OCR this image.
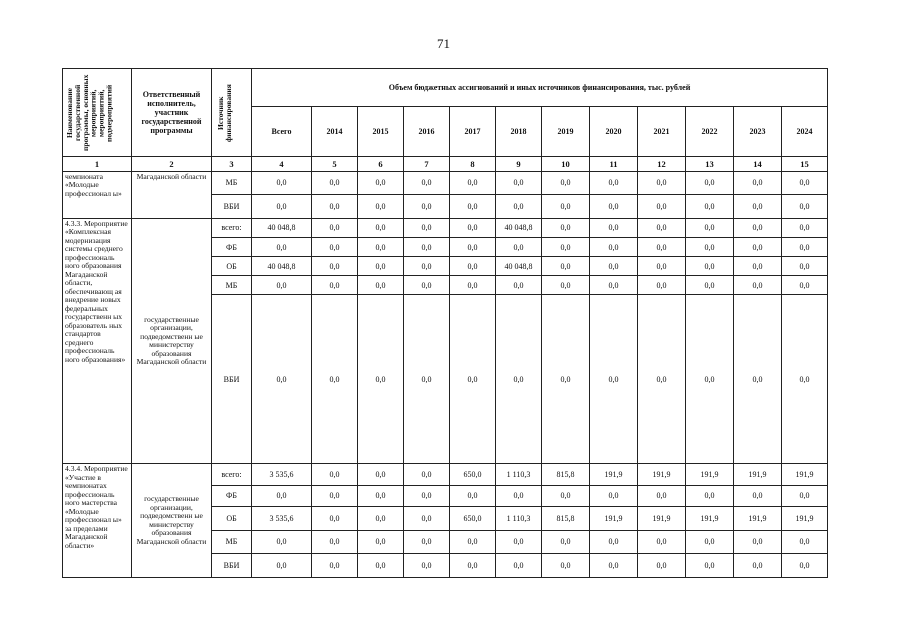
71
Наименование государственной программы, основных мероприятий, мероприятий, подмероприятий	Ответственный исполнитель, участник государственной программы	Источник финансирования	Объем бюджетных ассигнований и иных источников финансирования, тыс. рублей											
			Всего	2014	2015	2016	2017	2018	2019	2020	2021	2022	2023	2024
1	2	3	4	5	6	7	8	9	10	11	12	13	14	15
чемпионата «Молодые профессионал ы»	Магаданской области	МБ	0,0	0,0	0,0	0,0	0,0	0,0	0,0	0,0	0,0	0,0	0,0	0,0
		ВБИ	0,0	0,0	0,0	0,0	0,0	0,0	0,0	0,0	0,0	0,0	0,0	0,0
4.3.3. Мероприятие «Комплексная модернизация системы среднего профессиональ ного образования Магаданской области, обеспечивающ ая внедрение новых федеральных государственн ых образователь ных стандартов среднего профессиональ ного образования»	государственные организации, подведомственн ые министерству образования Магаданской области	всего:	40 048,8	0,0	0,0	0,0	0,0	40 048,8	0,0	0,0	0,0	0,0	0,0	0,0
		ФБ	0,0	0,0	0,0	0,0	0,0	0,0	0,0	0,0	0,0	0,0	0,0	0,0
		ОБ	40 048,8	0,0	0,0	0,0	0,0	40 048,8	0,0	0,0	0,0	0,0	0,0	0,0
		МБ	0,0	0,0	0,0	0,0	0,0	0,0	0,0	0,0	0,0	0,0	0,0	0,0
		ВБИ	0,0	0,0	0,0	0,0	0,0	0,0	0,0	0,0	0,0	0,0	0,0	0,0
4.3.4. Мероприятие «Участие в чемпионатах профессиональ ного мастерства «Молодые профессионал ы» за пределами Магаданской области»	государственные организации, подведомственн ые министерству образования Магаданской области	всего:	3 535,6	0,0	0,0	0,0	650,0	1 110,3	815,8	191,9	191,9	191,9	191,9	191,9
		ФБ	0,0	0,0	0,0	0,0	0,0	0,0	0,0	0,0	0,0	0,0	0,0	0,0
		ОБ	3 535,6	0,0	0,0	0,0	650,0	1 110,3	815,8	191,9	191,9	191,9	191,9	191,9
		МБ	0,0	0,0	0,0	0,0	0,0	0,0	0,0	0,0	0,0	0,0	0,0	0,0
		ВБИ	0,0	0,0	0,0	0,0	0,0	0,0	0,0	0,0	0,0	0,0	0,0	0,0
